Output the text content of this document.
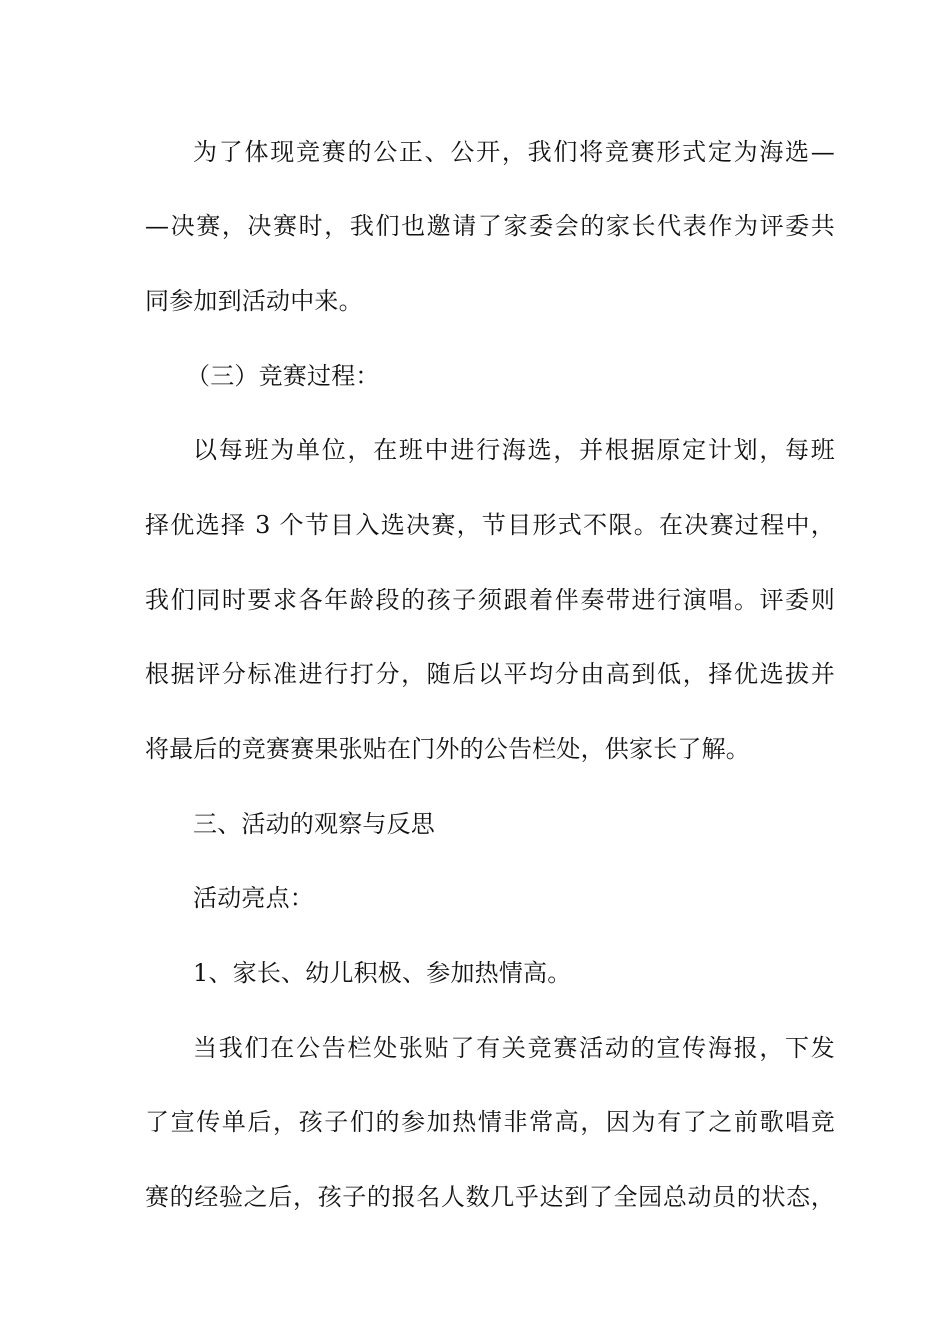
为了体现竞赛的公正、公开，我们将竞赛形式定为海选—
—决赛，决赛时，我们也邀请了家委会的家长代表作为评委共
同参加到活动中来。
（三）竞赛过程：
以每班为单位，在班中进行海选，并根据原定计划，每班
择优选择 3 个节目入选决赛，节目形式不限。在决赛过程中，
我们同时要求各年龄段的孩子须跟着伴奏带进行演唱。评委则
根据评分标准进行打分，随后以平均分由高到低，择优选拔并
将最后的竞赛赛果张贴在门外的公告栏处，供家长了解。
三、活动的观察与反思
活动亮点：
1、家长、幼儿积极、参加热情高。
当我们在公告栏处张贴了有关竞赛活动的宣传海报，下发
了宣传单后，孩子们的参加热情非常高，因为有了之前歌唱竞
赛的经验之后，孩子的报名人数几乎达到了全园总动员的状态，
